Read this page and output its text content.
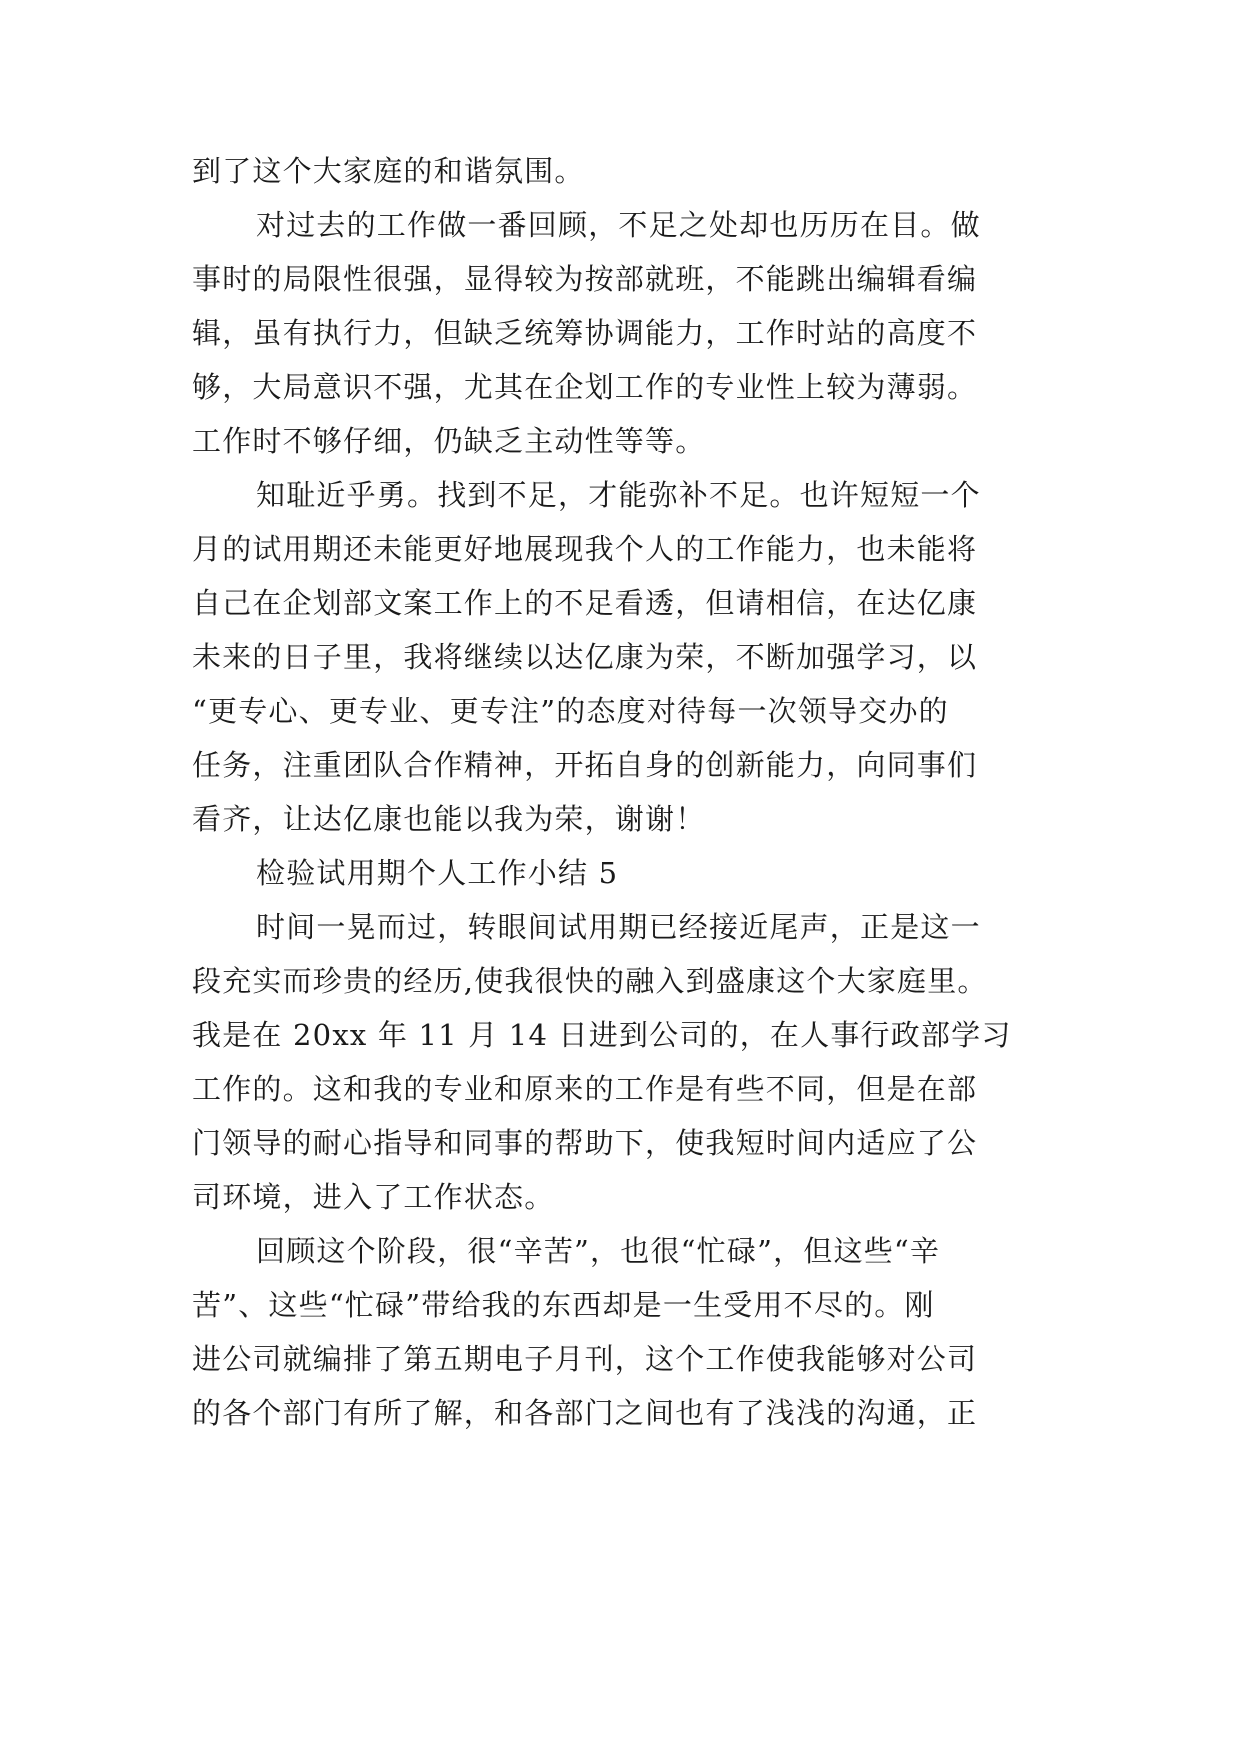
到了这个大家庭的和谐氛围。

对过去的工作做一番回顾，不足之处却也历历在目。做

事时的局限性很强，显得较为按部就班，不能跳出编辑看编

辑，虽有执行力，但缺乏统筹协调能力，工作时站的高度不

够，大局意识不强，尤其在企划工作的专业性上较为薄弱。

工作时不够仔细，仍缺乏主动性等等。

知耻近乎勇。找到不足，才能弥补不足。也许短短一个

月的试用期还未能更好地展现我个人的工作能力，也未能将

自己在企划部文案工作上的不足看透，但请相信，在达亿康

未来的日子里，我将继续以达亿康为荣，不断加强学习，以

“更专心、更专业、更专注”的态度对待每一次领导交办的

任务，注重团队合作精神，开拓自身的创新能力，向同事们

看齐，让达亿康也能以我为荣，谢谢！

检验试用期个人工作小结 5

时间一晃而过，转眼间试用期已经接近尾声，正是这一

段充实而珍贵的经历,使我很快的融入到盛康这个大家庭里。

我是在 20xx 年 11 月 14 日进到公司的，在人事行政部学习

工作的。这和我的专业和原来的工作是有些不同，但是在部

门领导的耐心指导和同事的帮助下，使我短时间内适应了公

司环境，进入了工作状态。

回顾这个阶段，很“辛苦”，也很“忙碌”，但这些“辛

苦”、这些“忙碌”带给我的东西却是一生受用不尽的。刚

进公司就编排了第五期电子月刊，这个工作使我能够对公司

的各个部门有所了解，和各部门之间也有了浅浅的沟通，正
